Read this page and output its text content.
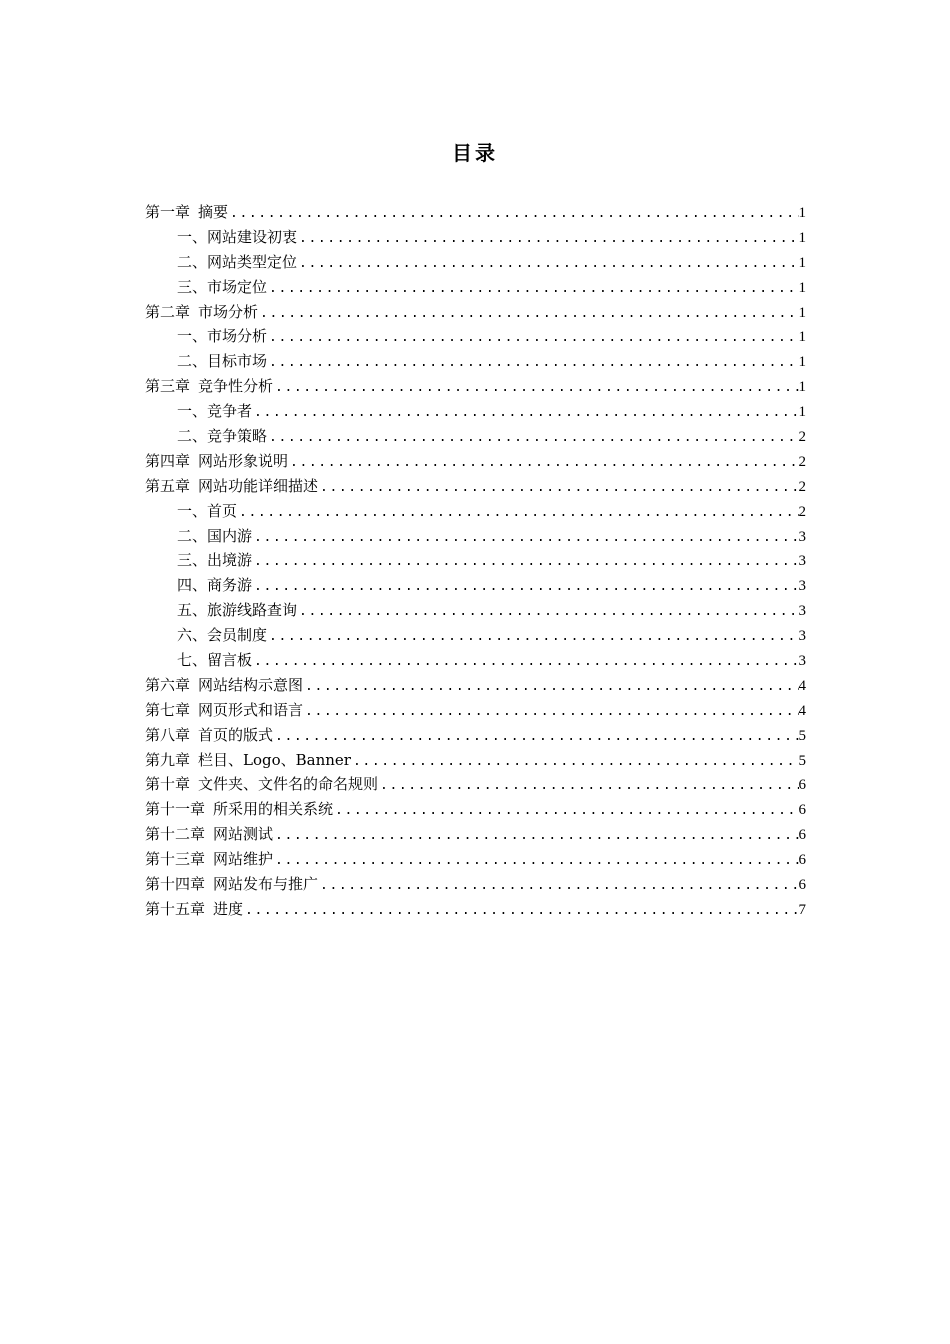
目录
第一章 摘要 .....	1
一、网站建设初衷 .....	1
二、网站类型定位 .....	1
三、市场定位 .....	1
第二章 市场分析 .....	1
一、市场分析 .....	1
二、目标市场 .....	1
第三章 竞争性分析 .....	1
一、竞争者 .....	1
二、竞争策略 .....	2
第四章 网站形象说明 .....	2
第五章 网站功能详细描述 .....	2
一、首页 .....	2
二、国内游 .....	3
三、出境游 .....	3
四、商务游 .....	3
五、旅游线路查询 .....	3
六、会员制度 .....	3
七、留言板 .....	3
第六章 网站结构示意图 .....	4
第七章 网页形式和语言 .....	4
第八章 首页的版式 .....	5
第九章 栏目、Logo、Banner .....	5
第十章 文件夹、文件名的命名规则 .....	6
第十一章 所采用的相关系统 .....	6
第十二章 网站测试 .....	6
第十三章 网站维护 .....	6
第十四章 网站发布与推广 .....	6
第十五章 进度 .....	7
